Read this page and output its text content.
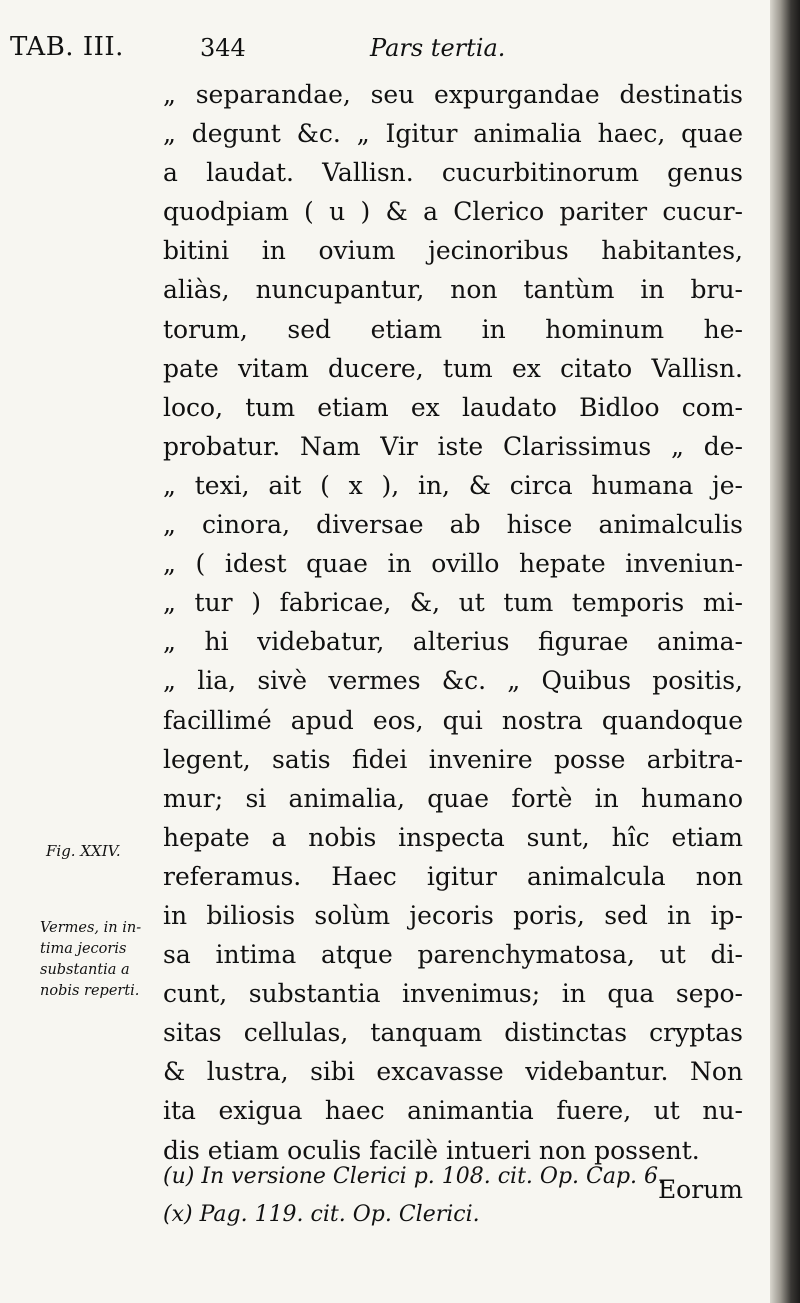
TAB. III.	344	Pars tertia.
Fig. XXIV.
Vermes, in in-
tima jecoris
substantia a
nobis reperti.
„ separandae, seu expurgandae destinatis
„ degunt &c. „ Igitur animalia haec, quae
a laudat. Vallisn. cucurbitinorum genus
quodpiam ( u ) & a Clerico pariter cucur-
bitini in ovium jecinoribus habitantes,
aliàs, nuncupantur, non tantùm in bru-
torum, sed etiam in hominum he-
pate vitam ducere, tum ex citato Vallisn.
loco, tum etiam ex laudato Bidloo com-
probatur. Nam Vir iste Clarissimus „ de-
„ texi, ait ( x ), in, & circa humana je-
„ cinora, diversae ab hisce animalculis
„ ( idest quae in ovillo hepate inveniun-
„ tur ) fabricae, &, ut tum temporis mi-
„ hi videbatur, alterius figurae anima-
„ lia, sivè vermes &c. „ Quibus positis,
facillimé apud eos, qui nostra quandoque
legent, satis fidei invenire posse arbitra-
mur; si animalia, quae fortè in humano
hepate a nobis inspecta sunt, hîc etiam
referamus. Haec igitur animalcula non
in biliosis solùm jecoris poris, sed in ip-
sa intima atque parenchymatosa, ut di-
cunt, substantia invenimus; in qua sepo-
sitas cellulas, tanquam distinctas cryptas
& lustra, sibi excavasse videbantur. Non
ita exigua haec animantia fuere, ut nu-
dis etiam oculis facilè intueri non possent.
Eorum
(u) In versione Clerici p. 108. cit. Op. Cap. 6.
(x) Pag. 119. cit. Op. Clerici.
